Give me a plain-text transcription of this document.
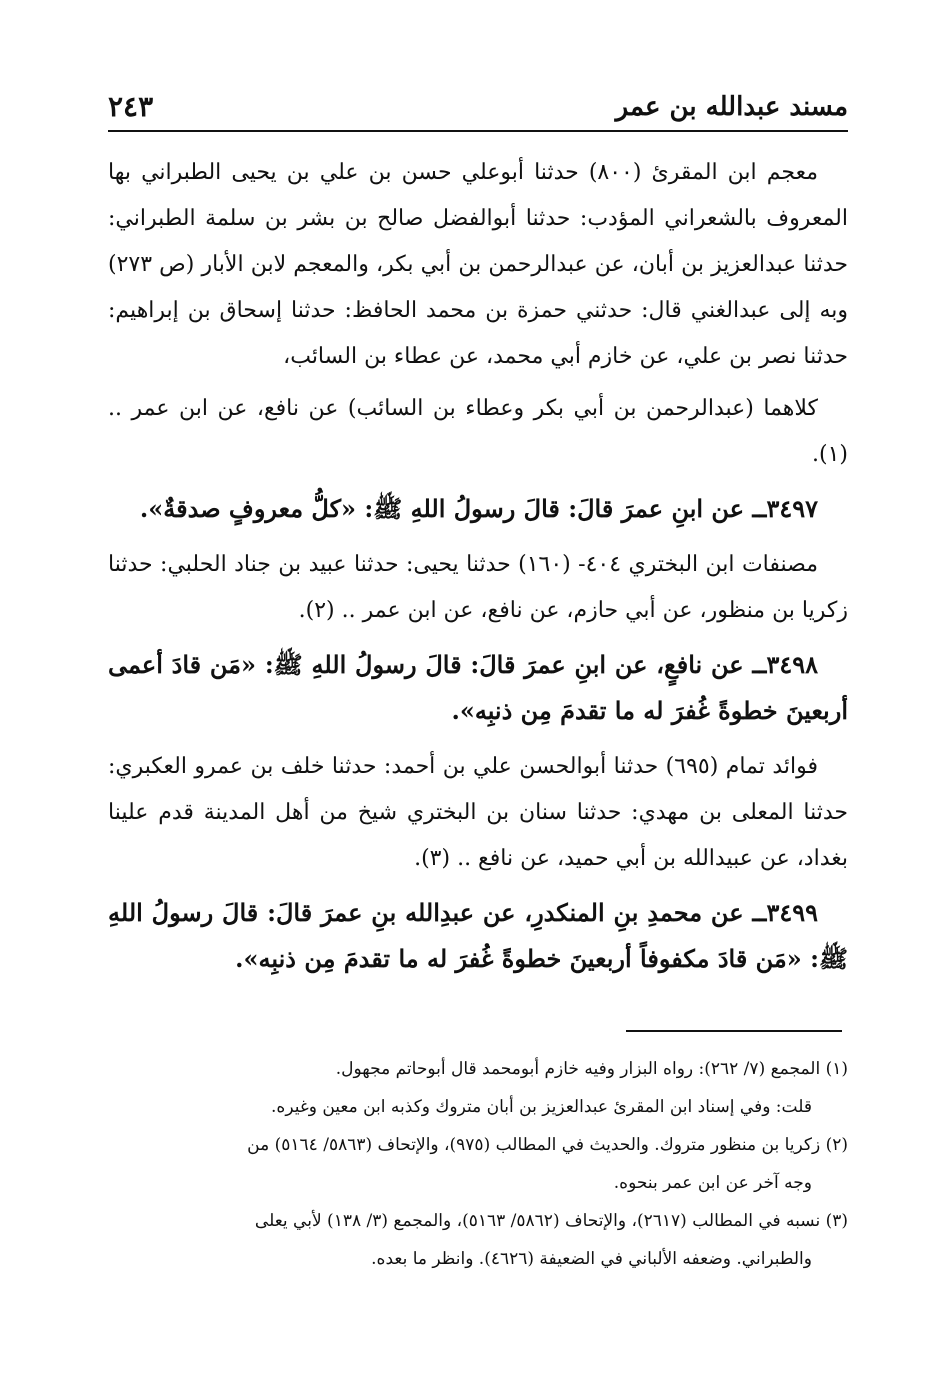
مسند عبدالله بن عمر
٢٤٣

معجم ابن المقرئ (٨٠٠) حدثنا أبوعلي حسن بن علي بن يحيى الطبراني بها المعروف بالشعراني المؤدب: حدثنا أبوالفضل صالح بن بشر بن سلمة الطبراني: حدثنا عبدالعزيز بن أبان، عن عبدالرحمن بن أبي بكر، والمعجم لابن الأبار (ص ٢٧٣) وبه إلى عبدالغني قال: حدثني حمزة بن محمد الحافظ: حدثنا إسحاق بن إبراهيم: حدثنا نصر بن علي، عن خازم أبي محمد، عن عطاء بن السائب،

كلاهما (عبدالرحمن بن أبي بكر وعطاء بن السائب) عن نافع، عن ابن عمر .. (١).

٣٤٩٧ــ عن ابنِ عمرَ قالَ: قالَ رسولُ اللهِ ﷺ: «كلُّ معروفٍ صدقةٌ».

مصنفات ابن البختري ٤٠٤- (١٦٠) حدثنا يحيى: حدثنا عبيد بن جناد الحلبي: حدثنا زكريا بن منظور، عن أبي حازم، عن نافع، عن ابن عمر .. (٢).

٣٤٩٨ــ عن نافعٍ، عن ابنِ عمرَ قالَ: قالَ رسولُ اللهِ ﷺ: «مَن قادَ أعمى أربعينَ خطوةً غُفرَ له ما تقدمَ مِن ذنبِه».

فوائد تمام (٦٩٥) حدثنا أبوالحسن علي بن أحمد: حدثنا خلف بن عمرو العكبري: حدثنا المعلى بن مهدي: حدثنا سنان بن البختري شيخ من أهل المدينة قدم علينا بغداد، عن عبيدالله بن أبي حميد، عن نافع .. (٣).

٣٤٩٩ــ عن محمدِ بنِ المنكدرِ، عن عبدِالله بنِ عمرَ قالَ: قالَ رسولُ اللهِ ﷺ: «مَن قادَ مكفوفاً أربعينَ خطوةً غُفرَ له ما تقدمَ مِن ذنبِه».

(١) المجمع (٧/ ٢٦٢): رواه البزار وفيه خازم أبومحمد قال أبوحاتم مجهول.

قلت: وفي إسناد ابن المقرئ عبدالعزيز بن أبان متروك وكذبه ابن معين وغيره.

(٢) زكريا بن منظور متروك. والحديث في المطالب (٩٧٥)، والإتحاف (٥٨٦٣/ ٥١٦٤) من

وجه آخر عن ابن عمر بنحوه.

(٣) نسبه في المطالب (٢٦١٧)، والإتحاف (٥٨٦٢/ ٥١٦٣)، والمجمع (٣/ ١٣٨) لأبي يعلى

والطبراني. وضعفه الألباني في الضعيفة (٤٦٢٦). وانظر ما بعده.
